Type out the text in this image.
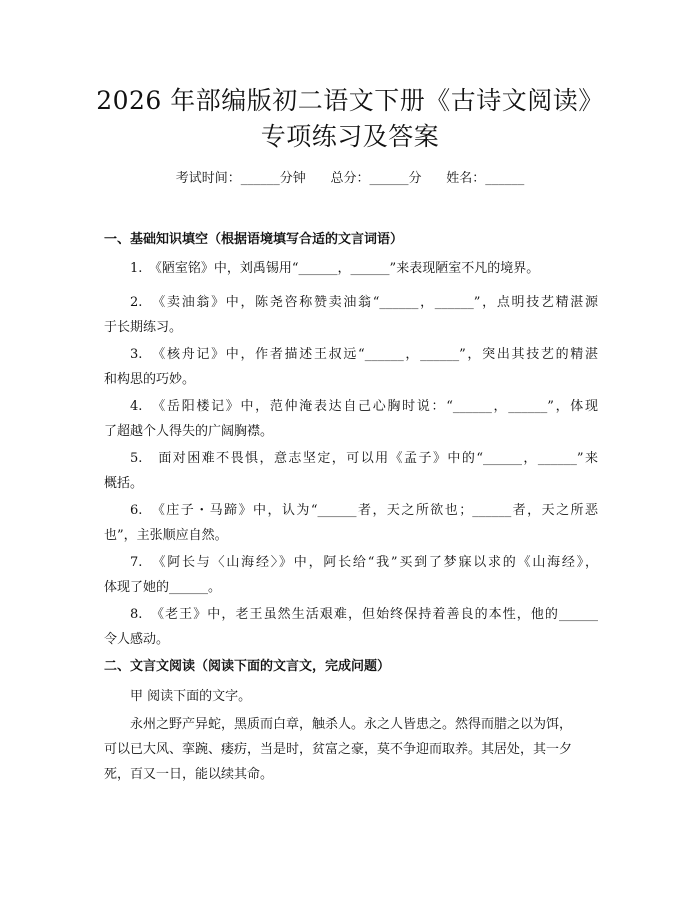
2026 年部编版初二语文下册《古诗文阅读》
专项练习及答案
考试时间：______分钟      总分：______分      姓名：______
一、基础知识填空（根据语境填写合适的文言词语）
1.　《陋室铭》中，刘禹锡用“______，______”来表现陋室不凡的境界。
2.　《卖油翁》中，陈尧咨称赞卖油翁“______，______”，点明技艺精湛源
于长期练习。
3.　《核舟记》中，作者描述王叔远“______，______”，突出其技艺的精湛
和构思的巧妙。
4.　《岳阳楼记》中，范仲淹表达自己心胸时说：“______，______”，体现
了超越个人得失的广阔胸襟。
5.　面对困难不畏惧，意志坚定，可以用《孟子》中的“______，______”来
概括。
6.　《庄子・马蹄》中，认为“______者，天之所欲也；______者，天之所恶
也”，主张顺应自然。
7.　《阿长与〈山海经〉》中，阿长给“我”买到了梦寐以求的《山海经》，
体现了她的______。
8.　《老王》中，老王虽然生活艰难，但始终保持着善良的本性，他的______
令人感动。
二、文言文阅读（阅读下面的文言文，完成问题）
甲 阅读下面的文字。
永州之野产异蛇，黑质而白章，触杀人。永之人皆患之。然得而腊之以为饵，
可以已大风、挛踠、瘘疠，当是时，贫富之豪，莫不争迎而取养。其居处，其一夕
死，百又一日，能以续其命。
